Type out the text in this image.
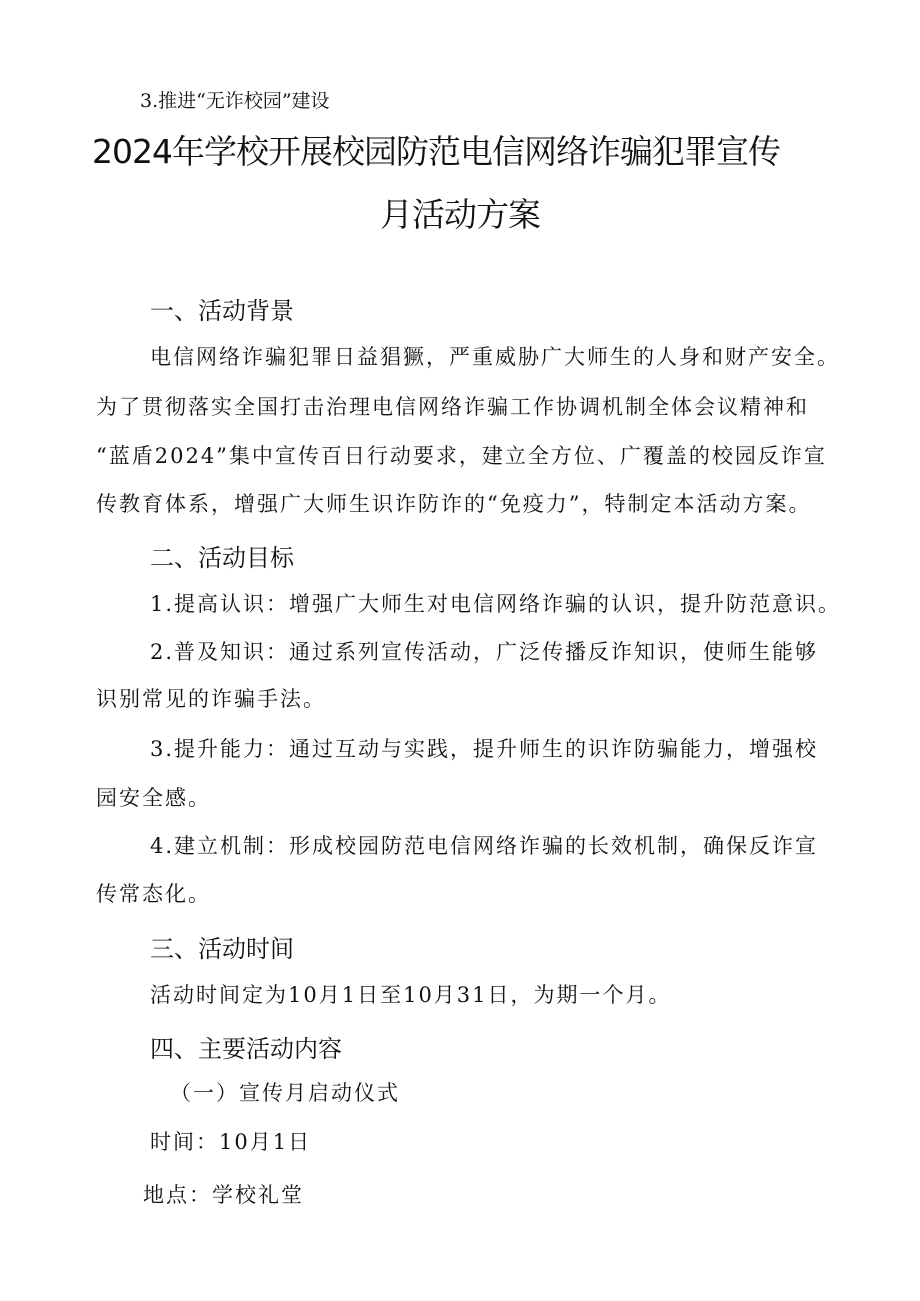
3.推进“无诈校园”建设
2024年学校开展校园防范电信网络诈骗犯罪宣传
月活动方案
一、活动背景
电信网络诈骗犯罪日益猖獗，严重威胁广大师生的人身和财产安全。
为了贯彻落实全国打击治理电信网络诈骗工作协调机制全体会议精神和
“蓝盾2024”集中宣传百日行动要求，建立全方位、广覆盖的校园反诈宣
传教育体系，增强广大师生识诈防诈的“免疫力”，特制定本活动方案。
二、活动目标
1.提高认识：增强广大师生对电信网络诈骗的认识，提升防范意识。
2.普及知识：通过系列宣传活动，广泛传播反诈知识，使师生能够
识别常见的诈骗手法。
3.提升能力：通过互动与实践，提升师生的识诈防骗能力，增强校
园安全感。
4.建立机制：形成校园防范电信网络诈骗的长效机制，确保反诈宣
传常态化。
三、活动时间
活动时间定为10月1日至10月31日，为期一个月。
四、主要活动内容
（一）宣传月启动仪式
时间：10月1日
地点：学校礼堂
